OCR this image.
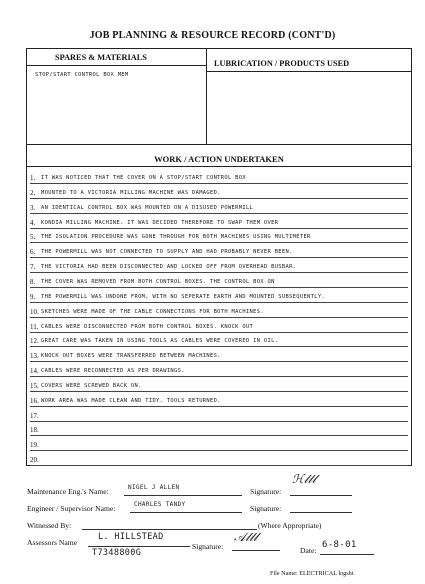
JOB PLANNING & RESOURCE RECORD (CONT'D)
SPARES & MATERIALS
LUBRICATION / PRODUCTS USED
STOP/START CONTROL BOX MEM
WORK / ACTION UNDERTAKEN
1. IT WAS NOTICED THAT THE COVER ON A STOP/START CONTROL BOX
2. MOUNTED TO A VICTORIA MILLING MACHINE WAS DAMAGED.
3. AN IDENTICAL CONTROL BOX WAS MOUNTED ON A DISUSED POWERMILL
4. KONDIA MILLING MACHINE. IT WAS DECIDED THEREFORE TO SWAP THEM OVER
5. THE ISOLATION PROCEDURE WAS GONE THROUGH FOR BOTH MACHINES USING MULTIMETER
6. THE POWERMILL WAS NOT CONNECTED TO SUPPLY AND HAD PROBABLY NEVER BEEN.
7. THE VICTORIA HAD BEEN DISCONNECTED AND LOCKED OFF FROM OVERHEAD BUSBAR.
8. THE COVER WAS REMOVED FROM BOTH CONTROL BOXES. THE CONTROL BOX ON
9. THE POWERMILL WAS UNDONE FROM, WITH NO SEPERATE EARTH AND MOUNTED SUBSEQUENTLY.
10. SKETCHES WERE MADE OF THE CABLE CONNECTIONS FOR BOTH MACHINES.
11. CABLES WERE DISCONNECTED FROM BOTH CONTROL BOXES. KNOCK OUT
12. GREAT CARE WAS TAKEN IN USING TOOLS AS CABLES WERE COVERED IN OIL.
13. KNOCK OUT BOXES WERE TRANSFERRED BETWEEN MACHINES.
14. CABLES WERE RECONNECTED AS PER DRAWINGS.
15. COVERS WERE SCREWED BACK ON.
16. WORK AREA WAS MADE CLEAN AND TIDY. TOOLS RETURNED.
17.
18.
19.
20.
Maintenance Eng.'s Name:	NIGEL J ALLEN	Signature:
ℋ𝓁𝓁𝓁
Engineer / Supervisor Name:	CHARLES TANDY	Signature:
Witnessed By:	(Where Appropriate)
Assessors Name
L. HILLSTEAD
T7348800G
Signature:
𝒜𝓁𝓁𝓁
Date:
6-8-01
File Name: ELECTRICAL logsht
